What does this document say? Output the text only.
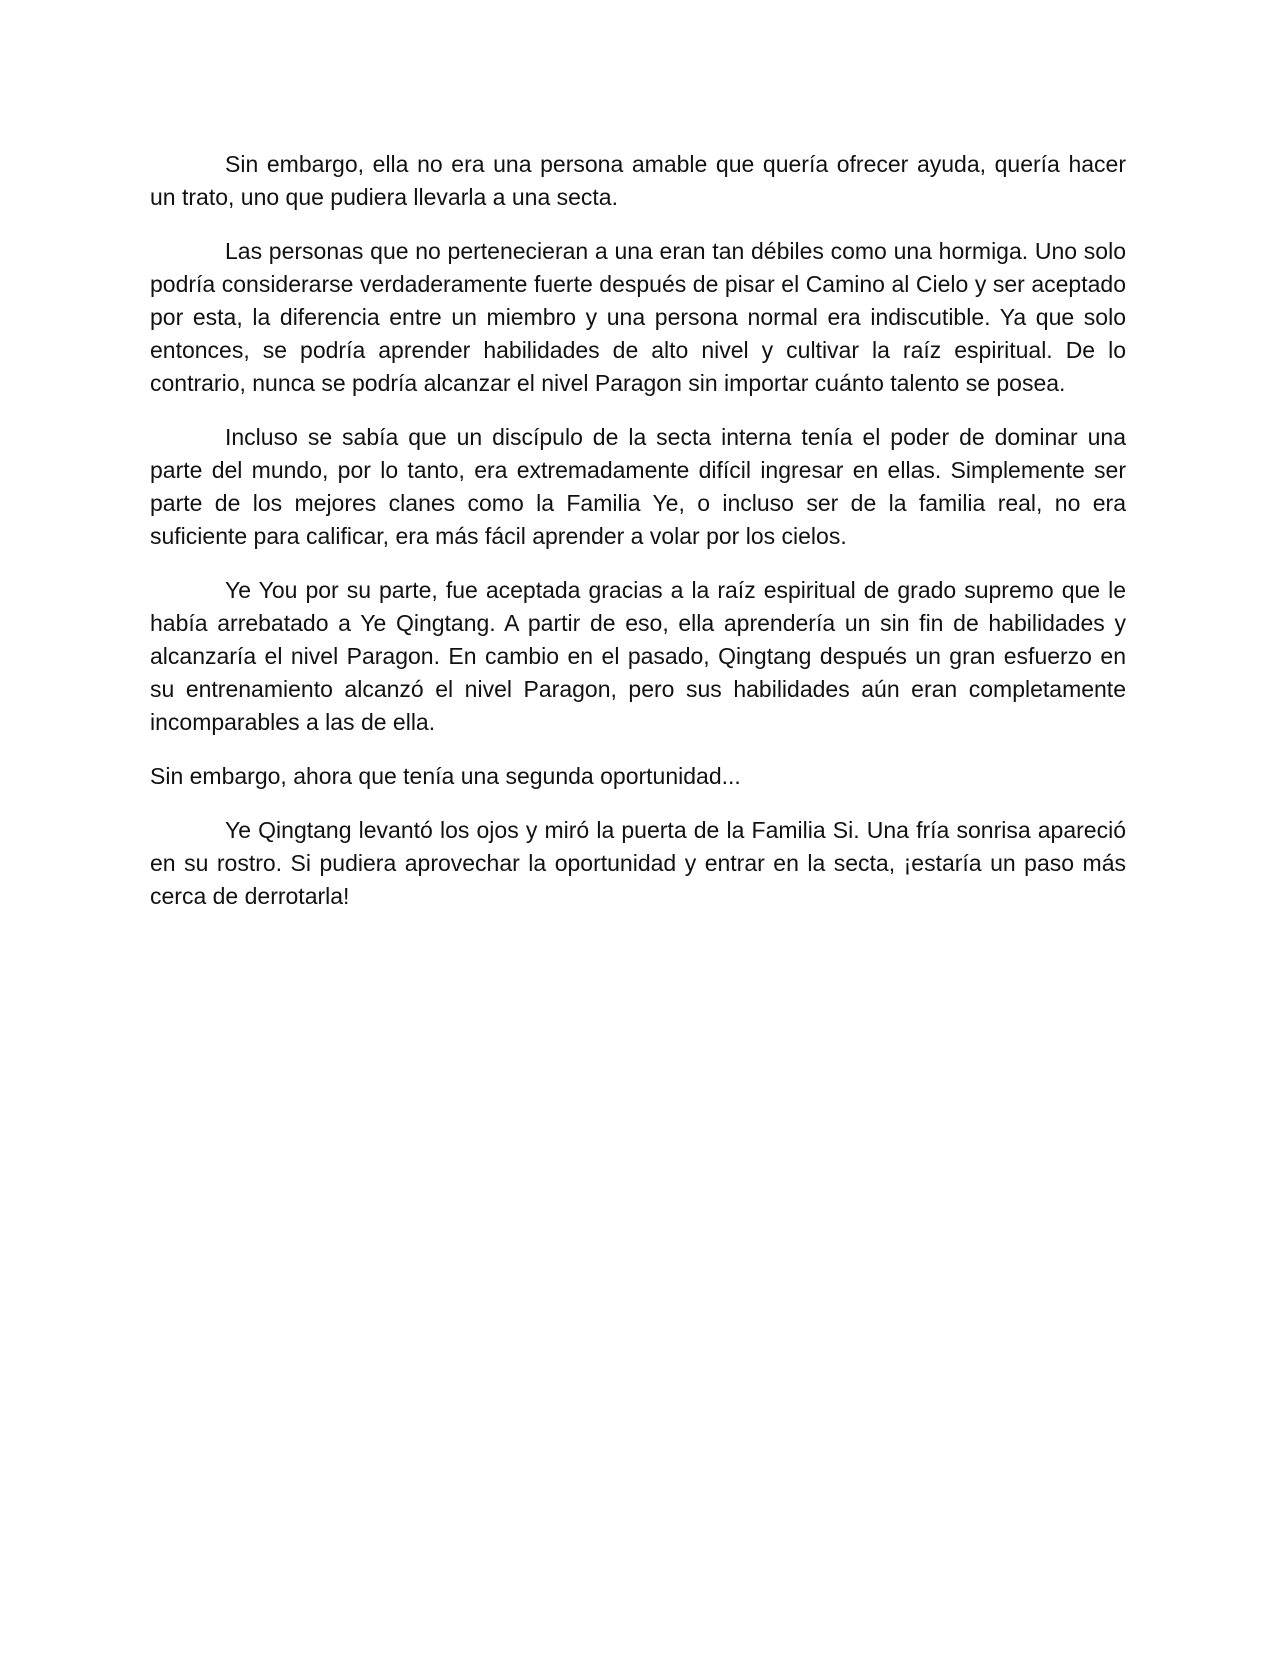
Sin embargo, ella no era una persona amable que quería ofrecer ayuda, quería hacer un trato, uno que pudiera llevarla a una secta.

Las personas que no pertenecieran a una eran tan débiles como una hormiga. Uno solo podría considerarse verdaderamente fuerte después de pisar el Camino al Cielo y ser aceptado por esta, la diferencia entre un miembro y una persona normal era indiscutible. Ya que solo entonces, se podría aprender habilidades de alto nivel y cultivar la raíz espiritual. De lo contrario, nunca se podría alcanzar el nivel Paragon sin importar cuánto talento se posea.

Incluso se sabía que un discípulo de la secta interna tenía el poder de dominar una parte del mundo, por lo tanto, era extremadamente difícil ingresar en ellas. Simplemente ser parte de los mejores clanes como la Familia Ye, o incluso ser de la familia real, no era suficiente para calificar, era más fácil aprender a volar por los cielos.

Ye You por su parte, fue aceptada gracias a la raíz espiritual de grado supremo que le había arrebatado a Ye Qingtang. A partir de eso, ella aprendería un sin fin de habilidades y alcanzaría el nivel Paragon. En cambio en el pasado, Qingtang después un gran esfuerzo en su entrenamiento alcanzó el nivel Paragon, pero sus habilidades aún eran completamente incomparables a las de ella.

Sin embargo, ahora que tenía una segunda oportunidad...

Ye Qingtang levantó los ojos y miró la puerta de la Familia Si. Una fría sonrisa apareció en su rostro. Si pudiera aprovechar la oportunidad y entrar en la secta, ¡estaría un paso más cerca de derrotarla!
